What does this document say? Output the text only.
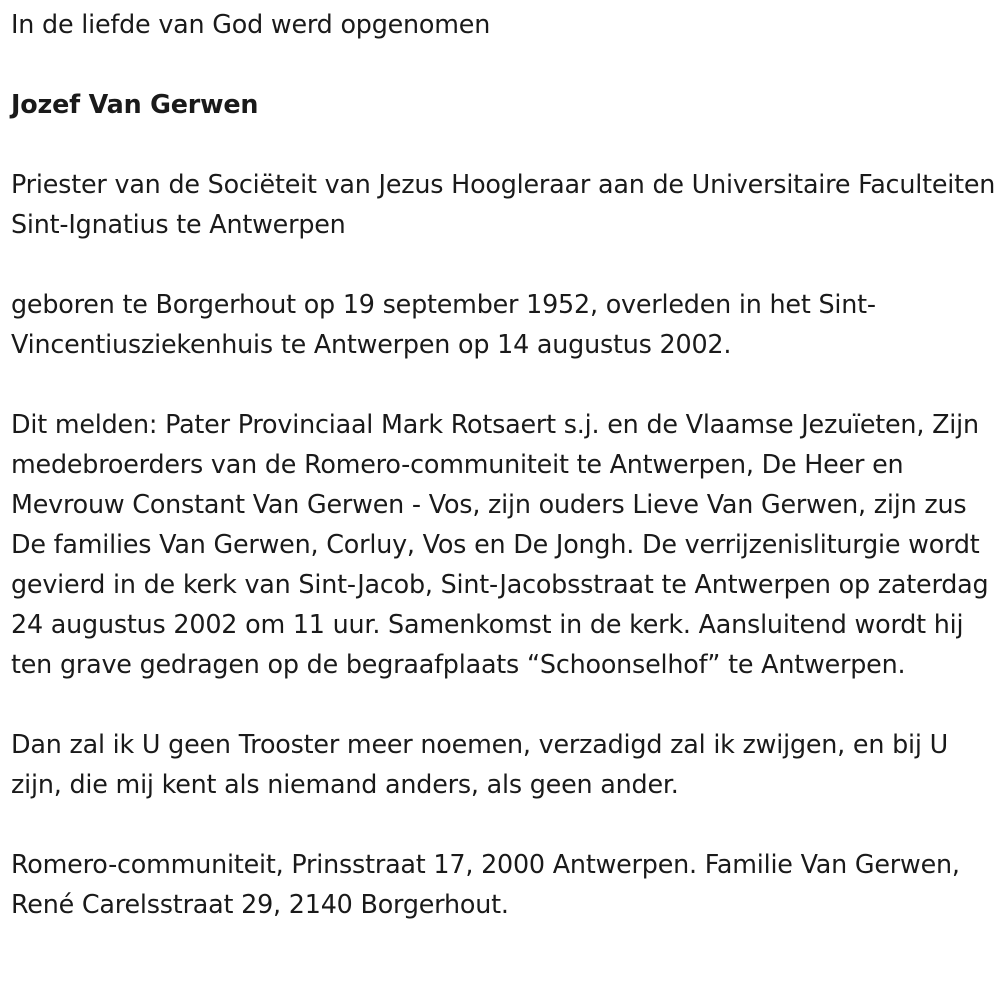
In de liefde van God werd opgenomen

Jozef Van Gerwen

Priester van de Sociëteit van Jezus Hoogleraar aan de Universitaire Faculteiten Sint-Ignatius te Antwerpen

geboren te Borgerhout op 19 september 1952, overleden in het Sint-Vincentiusziekenhuis te Antwerpen op 14 augustus 2002.

Dit melden: Pater Provinciaal Mark Rotsaert s.j. en de Vlaamse Jezuïeten, Zijn medebroerders van de Romero-communiteit te Antwerpen, De Heer en Mevrouw Constant Van Gerwen - Vos, zijn ouders Lieve Van Gerwen, zijn zus De families Van Gerwen, Corluy, Vos en De Jongh. De verrijzenisliturgie wordt gevierd in de kerk van Sint-Jacob, Sint-Jacobsstraat te Antwerpen op zaterdag 24 augustus 2002 om 11 uur. Samenkomst in de kerk. Aansluitend wordt hij ten grave gedragen op de begraafplaats “Schoonselhof” te Antwerpen.

Dan zal ik U geen Trooster meer noemen, verzadigd zal ik zwijgen, en bij U zijn, die mij kent als niemand anders, als geen ander.

Romero-communiteit, Prinsstraat 17, 2000 Antwerpen. Familie Van Gerwen, René Carelsstraat 29, 2140 Borgerhout.
